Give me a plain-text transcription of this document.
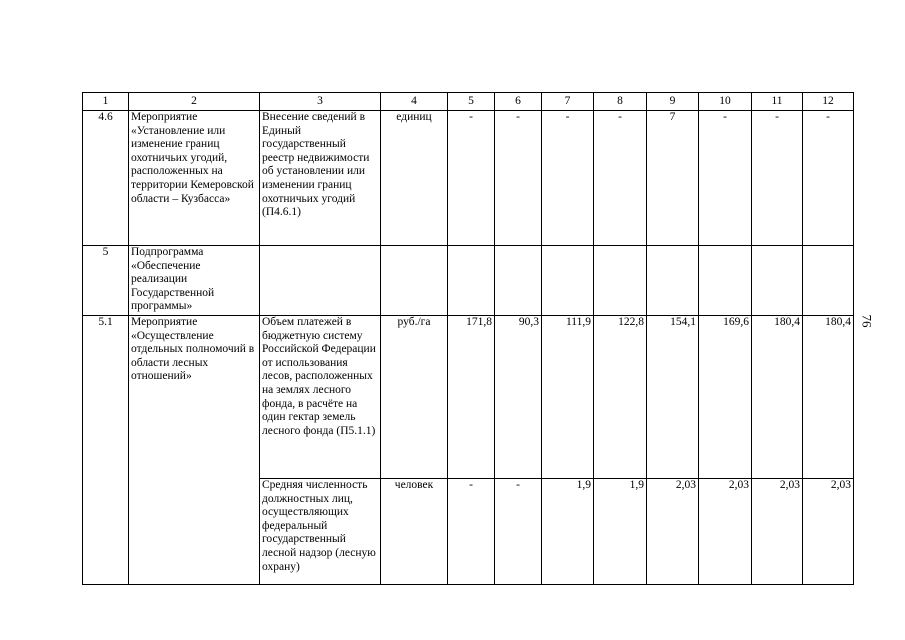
1	2	3	4	5	6	7	8	9	10	11	12
4.6	Мероприятие «Установление или изменение границ охотничьих угодий, расположенных на территории Кемеровской области – Кузбасса»	Внесение сведений в Единый государственный реестр недвижимости об установлении или изменении границ охотничьих угодий (П4.6.1)	единиц	-	-	-	-	7	-	-	-
5	Подпрограмма «Обеспечение реализации Государственной программы»										
5.1	Мероприятие «Осуществление отдельных полномочий в области лесных отношений»	Объем платежей в бюджетную систему Российской Федерации от использования лесов, расположенных на землях лесного фонда, в расчёте на один гектар земель лесного фонда (П5.1.1)	руб./га	171,8	90,3	111,9	122,8	154,1	169,6	180,4	180,4
		Средняя численность должностных лиц, осуществляющих федеральный государственный лесной надзор (лесную охрану)	человек	-	-	1,9	1,9	2,03	2,03	2,03	2,03
76
